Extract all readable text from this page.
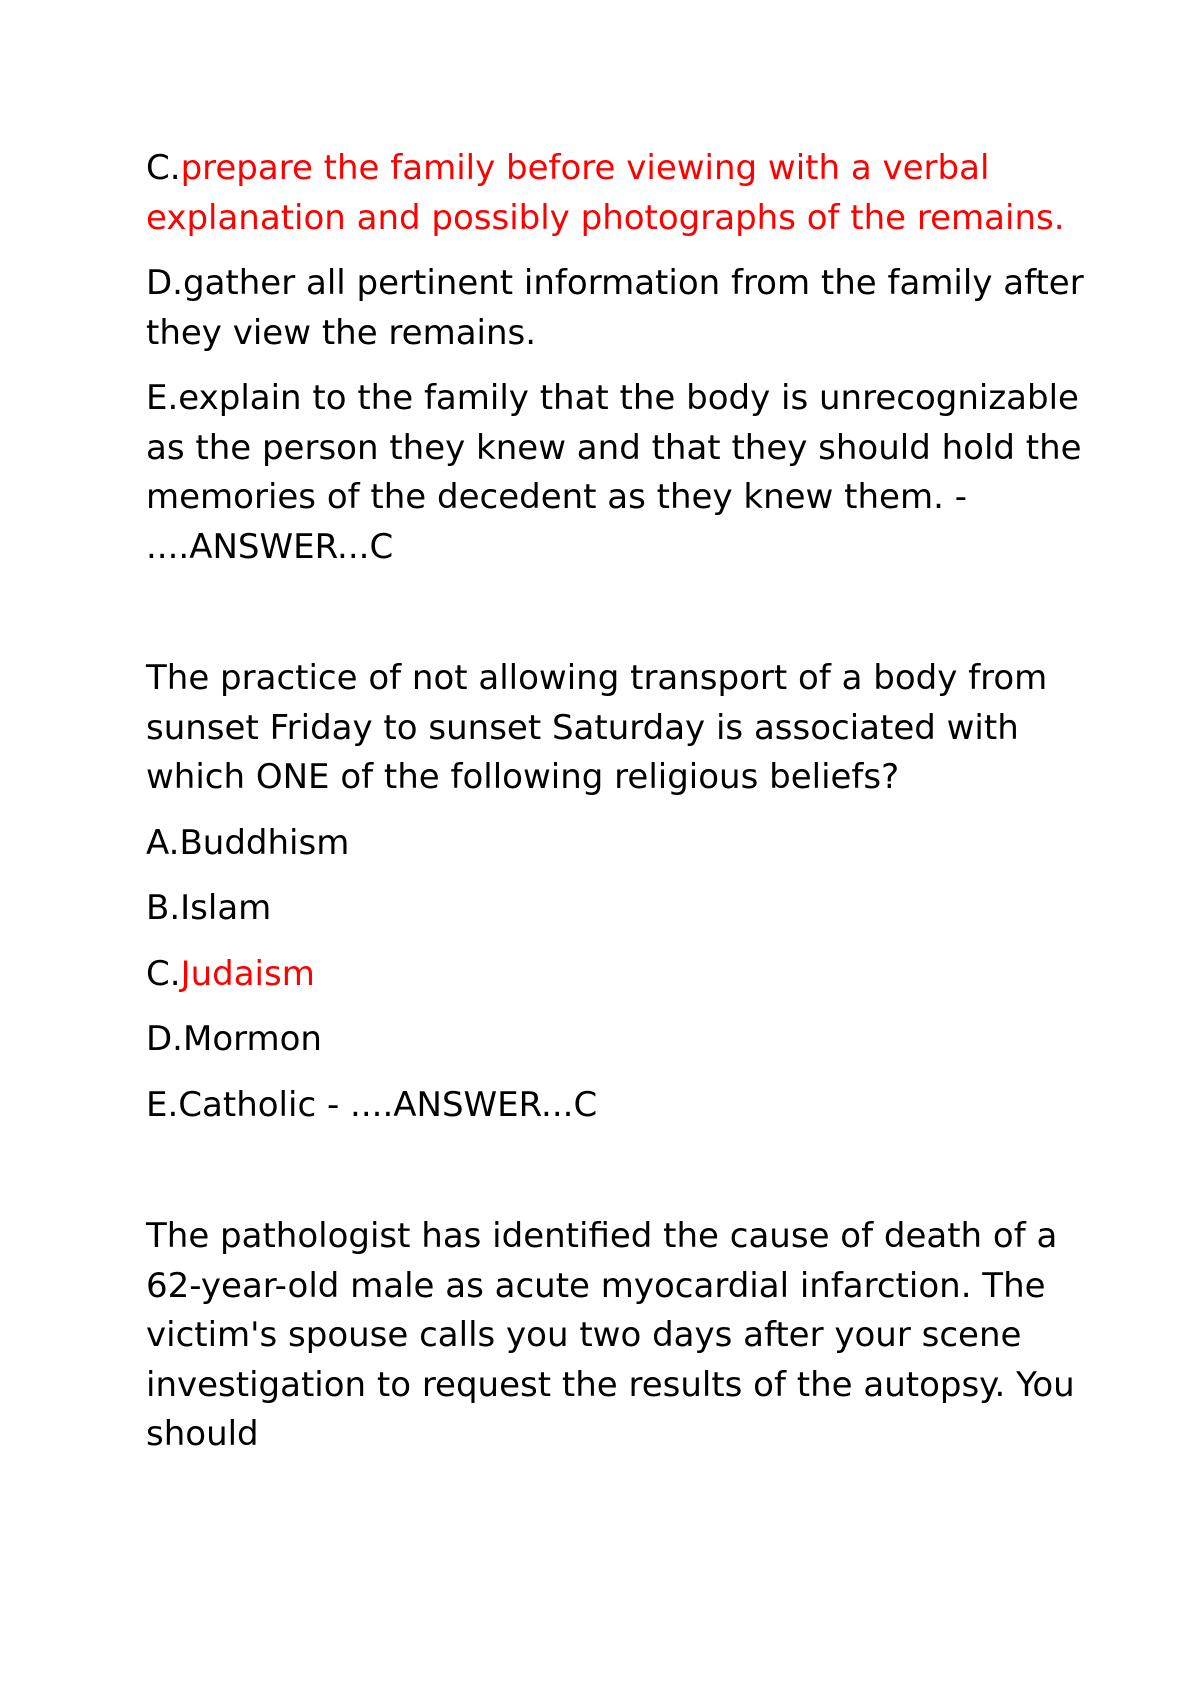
C.prepare the family before viewing with a verbal explanation and possibly photographs of the remains.

D.gather all pertinent information from the family after they view the remains.

E.explain to the family that the body is unrecognizable as the person they knew and that they should hold the memories of the decedent as they knew them. - ....ANSWER...C

The practice of not allowing transport of a body from sunset Friday to sunset Saturday is associated with which ONE of the following religious beliefs?

A.Buddhism

B.Islam

C.Judaism

D.Mormon

E.Catholic - ....ANSWER...C

The pathologist has identified the cause of death of a 62-year-old male as acute myocardial infarction. The victim's spouse calls you two days after your scene investigation to request the results of the autopsy. You should
